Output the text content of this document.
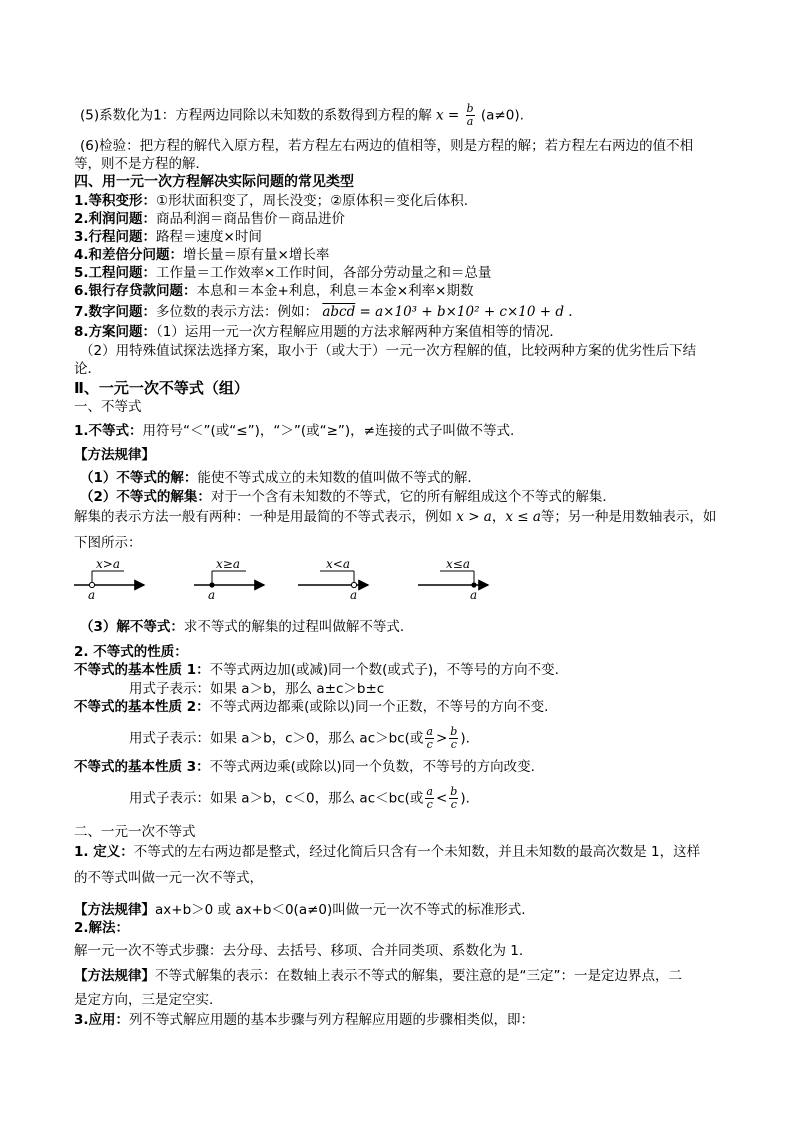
(5)系数化为1：方程两边同除以未知数的系数得到方程的解 $x = \frac{b}{a} (a\ne 0)$.
(6)检验：把方程的解代入原方程，若方程左右两边的值相等，则是方程的解；若方程左右两边的值不相
等，则不是方程的解．
四、用一元一次方程解决实际问题的常见类型
1.等积变形：①形状面积变了，周长没变；②原体积＝变化后体积.
2.利润问题：商品利润＝商品售价－商品进价
3.行程问题：路程＝速度×时间
4.和差倍分问题：增长量＝原有量×增长率
5.工程问题：工作量＝工作效率×工作时间，各部分劳动量之和＝总量
6.银行存贷款问题：本息和＝本金+利息，利息＝本金×利率×期数
7.数字问题：多位数的表示方法：例如： abcd = a×10³ + b×10² + c×10 + d .
8.方案问题：（1）运用一元一次方程解应用题的方法求解两种方案值相等的情况．
（2）用特殊值试探法选择方案，取小于（或大于）一元一次方程解的值，比较两种方案的优劣性后下结
论．
Ⅱ、一元一次不等式（组）
一、不等式
1.不等式：用符号“＜”(或“≤”)，“＞”(或“≥”)，≠连接的式子叫做不等式.
【方法规律】
（1）不等式的解：能使不等式成立的未知数的值叫做不等式的解.
（2）不等式的解集：对于一个含有未知数的不等式，它的所有解组成这个不等式的解集．
解集的表示方法一般有两种：一种是用最简的不等式表示，例如 x > a，x ≤ a等；另一种是用数轴表示，如
下图所示：
x>a
a
x≥a
a
x<a
a
x≤a
a
（3）解不等式：求不等式的解集的过程叫做解不等式.
2. 不等式的性质：
不等式的基本性质 1：不等式两边加(或减)同一个数(或式子)，不等号的方向不变.
用式子表示：如果 a＞b，那么 a±c＞b±c
不等式的基本性质 2：不等式两边都乘(或除以)同一个正数，不等号的方向不变.
用式子表示：如果 a＞b，c＞0，那么 ac＞bc(或 $\frac{a}{c} > \frac{b}{c}$ ).
不等式的基本性质 3：不等式两边乘(或除以)同一个负数，不等号的方向改变.
用式子表示：如果 a＞b，c＜0，那么 ac＜bc(或 $\frac{a}{c} < \frac{b}{c}$ ).
二、一元一次不等式
1. 定义：不等式的左右两边都是整式，经过化简后只含有一个未知数，并且未知数的最高次数是 1，这样
的不等式叫做一元一次不等式，
【方法规律】ax+b＞0 或 ax+b＜0(a≠0)叫做一元一次不等式的标准形式.
2.解法：
解一元一次不等式步骤：去分母、去括号、移项、合并同类项、系数化为 1.
【方法规律】不等式解集的表示：在数轴上表示不等式的解集，要注意的是“三定”：一是定边界点，二
是定方向，三是定空实.
3.应用：列不等式解应用题的基本步骤与列方程解应用题的步骤相类似，即：
